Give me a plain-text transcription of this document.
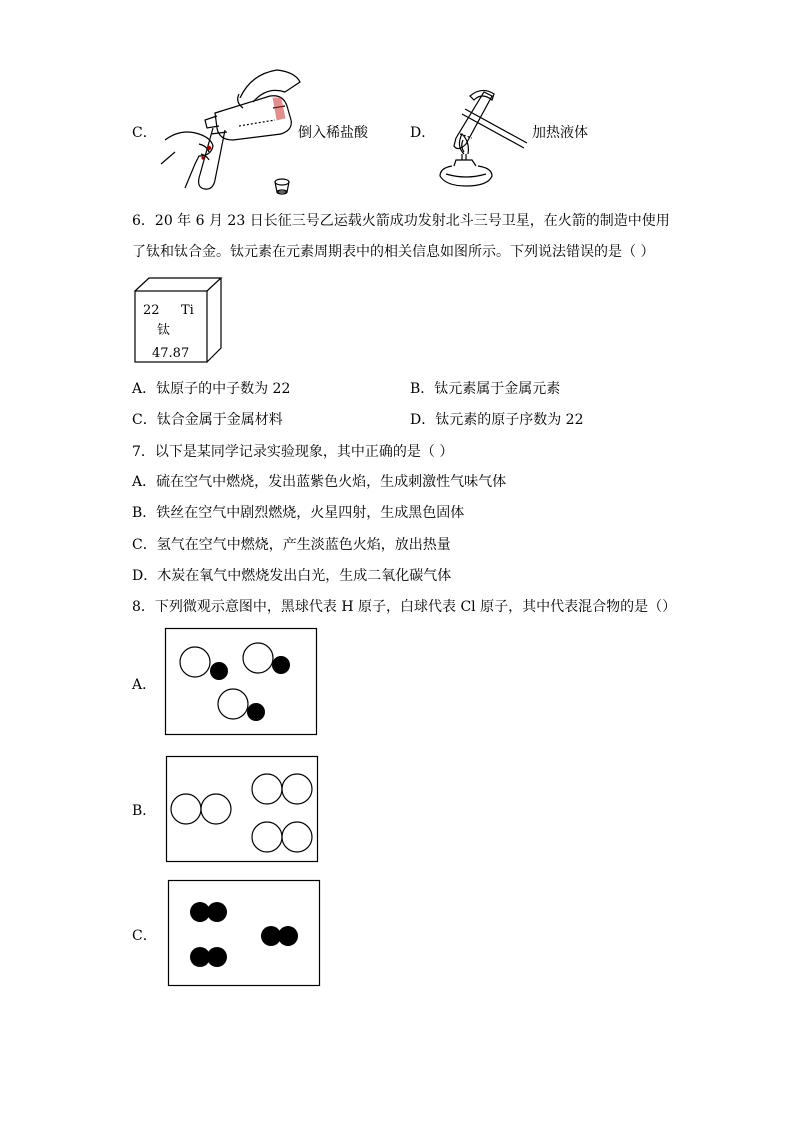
C．	倒入稀盐酸	D．	加热液体
6．20 年 6 月 23 日长征三号乙运载火箭成功发射北斗三号卫星，在火箭的制造中使用
了钛和钛合金。钛元素在元素周期表中的相关信息如图所示。下列说法错误的是（ ）
22 Ti
钛
47.87
A．钛原子的中子数为 22	B．钛元素属于金属元素
C．钛合金属于金属材料	D．钛元素的原子序数为 22
7．以下是某同学记录实验现象，其中正确的是（ ）
A．硫在空气中燃烧，发出蓝紫色火焰，生成刺激性气味气体
B．铁丝在空气中剧烈燃烧，火星四射，生成黑色固体
C．氢气在空气中燃烧，产生淡蓝色火焰，放出热量
D．木炭在氧气中燃烧发出白光，生成二氧化碳气体
8．下列微观示意图中，黑球代表 H 原子，白球代表 Cl 原子，其中代表混合物的是（）
A．
B．
C．
